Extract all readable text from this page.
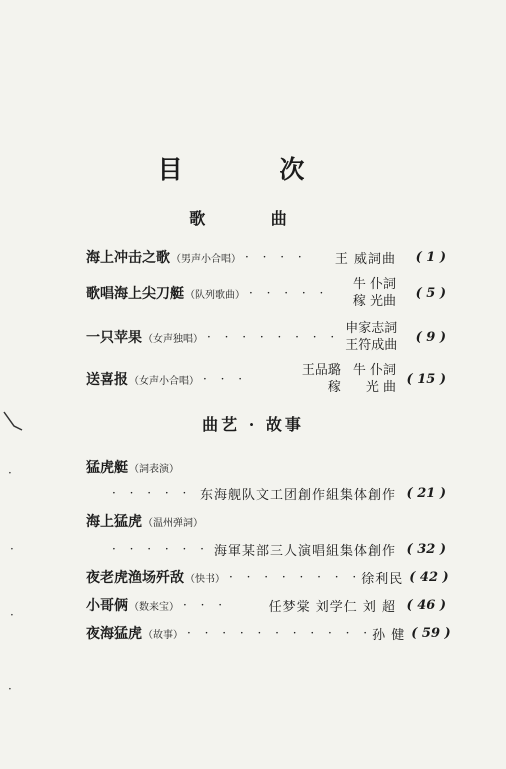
目 次
歌 曲
海上冲击之歌 （男声小合唱） · · · · 王 威詞曲	( 1 )
歌唱海上尖刀艇 （队列歌曲） · · · · ·
牛 仆詞
稼 光曲
( 5 )
一只苹果 （女声独唱） · · · · · · · ·
申家志詞
王符成曲
( 9 )
送喜报 （女声小合唱） · · ·
王品璐
稼
牛 仆詞
光 曲
( 15 )
曲艺 · 故事
猛虎艇 （詞表演）
· · · · · 东海舰队文工团創作組集体創作 ( 21 )
海上猛虎 （温州弹詞）
· · · · · · 海軍某部三人演唱組集体創作 ( 32 )
夜老虎渔场歼敌 （快书） · · · · · · · · 徐利民 ( 42 )
小哥俩 （数来宝） · · ·	任梦棠 刘学仁 刘 超 ( 46 )
夜海猛虎 （故事） · · · · · · · · · · · 孙 健 ( 59 )
·
·
·
·
